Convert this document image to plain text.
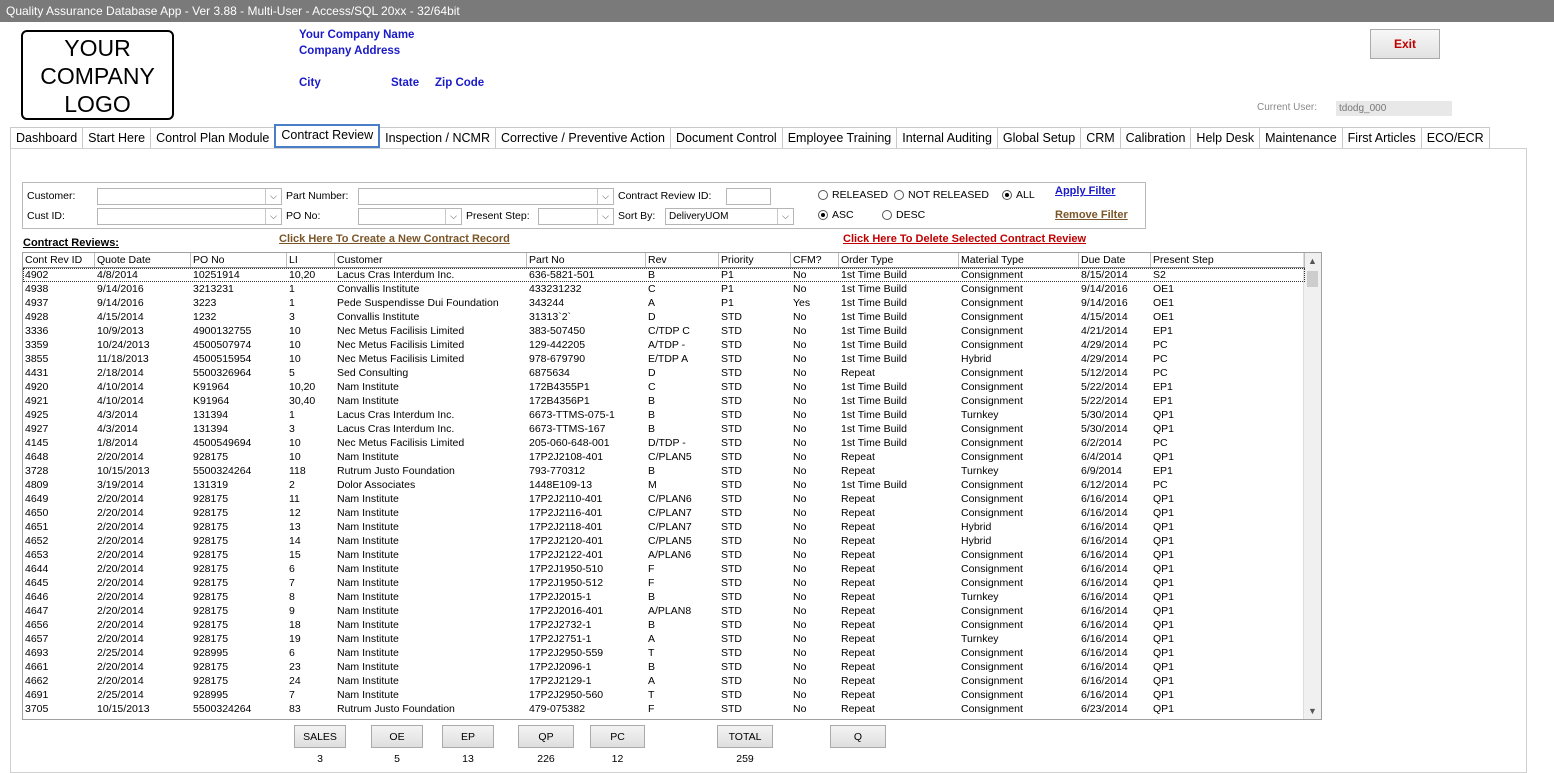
Quality Assurance Database App - Ver 3.88 - Multi-User - Access/SQL 20xx - 32/64bit
YOUR
COMPANY
LOGO
Your Company Name
Company Address
City	State Zip Code
Exit
Current User:	tdodg_000
Dashboard Start Here Control Plan Module Contract Review Inspection / NCMR Corrective / Preventive Action Document Control Employee Training Internal Auditing Global Setup CRM Calibration Help Desk Maintenance First Articles ECO/ECR
Customer:	⌵
Cust ID:	⌵
Part Number:	⌵
PO No:	⌵ Present Step:	⌵
Contract Review ID:
Sort By:	DeliveryUOM	⌵
RELEASED NOT RELEASED	ALL
ASC	DESC
Apply Filter
Remove Filter
Contract Reviews:	Click Here To Create a New Contract Record	Click Here To Delete Selected Contract Review
▲
▼
Cont Rev ID	Quote Date	PO No	LI	Customer	Part No	Rev	Priority	CFM?	Order Type	Material Type	Due Date	Present Step
4902	4/8/2014	10251914	10,20	Lacus Cras Interdum Inc.	636-5821-501	B	P1	No	1st Time Build	Consignment	8/15/2014	S2
4938	9/14/2016	3213231	1	Convallis Institute	433231232	C	P1	No	1st Time Build	Consignment	9/14/2016	OE1
4937	9/14/2016	3223	1	Pede Suspendisse Dui Foundation	343244	A	P1	Yes	1st Time Build	Consignment	9/14/2016	OE1
4928	4/15/2014	1232	3	Convallis Institute	31313`2`	D	STD	No	1st Time Build	Consignment	4/15/2014	OE1
3336	10/9/2013	4900132755	10	Nec Metus Facilisis Limited	383-507450	C/TDP C	STD	No	1st Time Build	Consignment	4/21/2014	EP1
3359	10/24/2013	4500507974	10	Nec Metus Facilisis Limited	129-442205	A/TDP -	STD	No	1st Time Build	Consignment	4/29/2014	PC
3855	11/18/2013	4500515954	10	Nec Metus Facilisis Limited	978-679790	E/TDP A	STD	No	1st Time Build	Hybrid	4/29/2014	PC
4431	2/18/2014	5500326964	5	Sed Consulting	6875634	D	STD	No	Repeat	Consignment	5/12/2014	PC
4920	4/10/2014	K91964	10,20	Nam Institute	172B4355P1	C	STD	No	1st Time Build	Consignment	5/22/2014	EP1
4921	4/10/2014	K91964	30,40	Nam Institute	172B4356P1	B	STD	No	1st Time Build	Consignment	5/22/2014	EP1
4925	4/3/2014	131394	1	Lacus Cras Interdum Inc.	6673-TTMS-075-1	B	STD	No	1st Time Build	Turnkey	5/30/2014	QP1
4927	4/3/2014	131394	3	Lacus Cras Interdum Inc.	6673-TTMS-167	B	STD	No	1st Time Build	Consignment	5/30/2014	QP1
4145	1/8/2014	4500549694	10	Nec Metus Facilisis Limited	205-060-648-001	D/TDP -	STD	No	1st Time Build	Consignment	6/2/2014	PC
4648	2/20/2014	928175	10	Nam Institute	17P2J2108-401	C/PLAN5	STD	No	Repeat	Consignment	6/4/2014	QP1
3728	10/15/2013	5500324264	118	Rutrum Justo Foundation	793-770312	B	STD	No	Repeat	Turnkey	6/9/2014	EP1
4809	3/19/2014	131319	2	Dolor Associates	1448E109-13	M	STD	No	1st Time Build	Consignment	6/12/2014	PC
4649	2/20/2014	928175	11	Nam Institute	17P2J2110-401	C/PLAN6	STD	No	Repeat	Consignment	6/16/2014	QP1
4650	2/20/2014	928175	12	Nam Institute	17P2J2116-401	C/PLAN7	STD	No	Repeat	Consignment	6/16/2014	QP1
4651	2/20/2014	928175	13	Nam Institute	17P2J2118-401	C/PLAN7	STD	No	Repeat	Hybrid	6/16/2014	QP1
4652	2/20/2014	928175	14	Nam Institute	17P2J2120-401	C/PLAN5	STD	No	Repeat	Hybrid	6/16/2014	QP1
4653	2/20/2014	928175	15	Nam Institute	17P2J2122-401	A/PLAN6	STD	No	Repeat	Consignment	6/16/2014	QP1
4644	2/20/2014	928175	6	Nam Institute	17P2J1950-510	F	STD	No	Repeat	Consignment	6/16/2014	QP1
4645	2/20/2014	928175	7	Nam Institute	17P2J1950-512	F	STD	No	Repeat	Consignment	6/16/2014	QP1
4646	2/20/2014	928175	8	Nam Institute	17P2J2015-1	B	STD	No	Repeat	Turnkey	6/16/2014	QP1
4647	2/20/2014	928175	9	Nam Institute	17P2J2016-401	A/PLAN8	STD	No	Repeat	Consignment	6/16/2014	QP1
4656	2/20/2014	928175	18	Nam Institute	17P2J2732-1	B	STD	No	Repeat	Consignment	6/16/2014	QP1
4657	2/20/2014	928175	19	Nam Institute	17P2J2751-1	A	STD	No	Repeat	Turnkey	6/16/2014	QP1
4693	2/25/2014	928995	6	Nam Institute	17P2J2950-559	T	STD	No	Repeat	Consignment	6/16/2014	QP1
4661	2/20/2014	928175	23	Nam Institute	17P2J2096-1	B	STD	No	Repeat	Consignment	6/16/2014	QP1
4662	2/20/2014	928175	24	Nam Institute	17P2J2129-1	A	STD	No	Repeat	Consignment	6/16/2014	QP1
4691	2/25/2014	928995	7	Nam Institute	17P2J2950-560	T	STD	No	Repeat	Consignment	6/16/2014	QP1
3705	10/15/2013	5500324264	83	Rutrum Justo Foundation	479-075382	F	STD	No	Repeat	Consignment	6/23/2014	QP1
SALES
3
OE
5
EP
13
QP
226
PC
12
TOTAL
259
Q
